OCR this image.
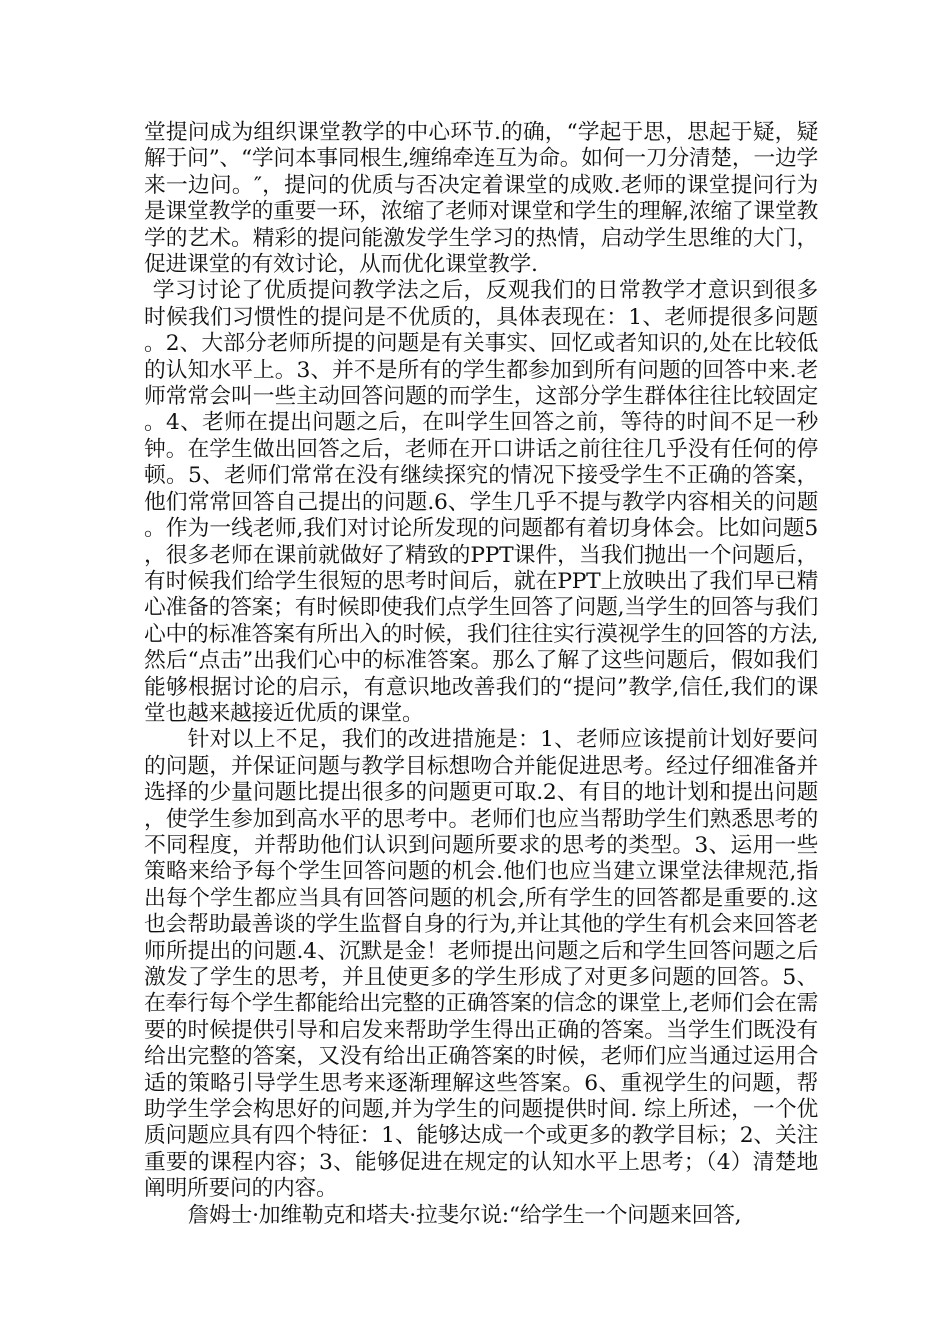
堂提问成为组织课堂教学的中心环节.的确，“学起于思，思起于疑，疑解于问”、“学问本事同根生,缠绵牵连互为命。如何一刀分清楚，一边学来一边问。″，提问的优质与否决定着课堂的成败.老师的课堂提问行为是课堂教学的重要一环，浓缩了老师对课堂和学生的理解,浓缩了课堂教学的艺术。精彩的提问能激发学生学习的热情，启动学生思维的大门，促进课堂的有效讨论，从而优化课堂教学.

学习讨论了优质提问教学法之后，反观我们的日常教学才意识到很多时候我们习惯性的提问是不优质的，具体表现在：1、老师提很多问题。2、大部分老师所提的问题是有关事实、回忆或者知识的,处在比较低的认知水平上。3、并不是所有的学生都参加到所有问题的回答中来.老师常常会叫一些主动回答问题的而学生，这部分学生群体往往比较固定。4、老师在提出问题之后，在叫学生回答之前，等待的时间不足一秒钟。在学生做出回答之后，老师在开口讲话之前往往几乎没有任何的停顿。5、老师们常常在没有继续探究的情况下接受学生不正确的答案，他们常常回答自己提出的问题.6、学生几乎不提与教学内容相关的问题。作为一线老师,我们对讨论所发现的问题都有着切身体会。比如问题5，很多老师在课前就做好了精致的PPT课件，当我们抛出一个问题后，有时候我们给学生很短的思考时间后，就在PPT上放映出了我们早已精心准备的答案；有时候即使我们点学生回答了问题,当学生的回答与我们心中的标准答案有所出入的时候，我们往往实行漠视学生的回答的方法,然后“点击”出我们心中的标准答案。那么了解了这些问题后，假如我们能够根据讨论的启示，有意识地改善我们的“提问”教学,信任,我们的课堂也越来越接近优质的课堂。

针对以上不足，我们的改进措施是：1、老师应该提前计划好要问的问题，并保证问题与教学目标想吻合并能促进思考。经过仔细准备并选择的少量问题比提出很多的问题更可取.2、有目的地计划和提出问题，使学生参加到高水平的思考中。老师们也应当帮助学生们熟悉思考的不同程度，并帮助他们认识到问题所要求的思考的类型。3、运用一些策略来给予每个学生回答问题的机会.他们也应当建立课堂法律规范,指出每个学生都应当具有回答问题的机会,所有学生的回答都是重要的.这也会帮助最善谈的学生监督自身的行为,并让其他的学生有机会来回答老师所提出的问题.4、沉默是金！老师提出问题之后和学生回答问题之后激发了学生的思考，并且使更多的学生形成了对更多问题的回答。5、在奉行每个学生都能给出完整的正确答案的信念的课堂上,老师们会在需要的时候提供引导和启发来帮助学生得出正确的答案。当学生们既没有给出完整的答案，又没有给出正确答案的时候，老师们应当通过运用合适的策略引导学生思考来逐渐理解这些答案。6、重视学生的问题，帮助学生学会构思好的问题,并为学生的问题提供时间. 综上所述，一个优质问题应具有四个特征：1、能够达成一个或更多的教学目标；2、关注重要的课程内容；3、能够促进在规定的认知水平上思考；（4）清楚地阐明所要问的内容。

詹姆士·加维勒克和塔夫·拉斐尔说:“给学生一个问题来回答,
